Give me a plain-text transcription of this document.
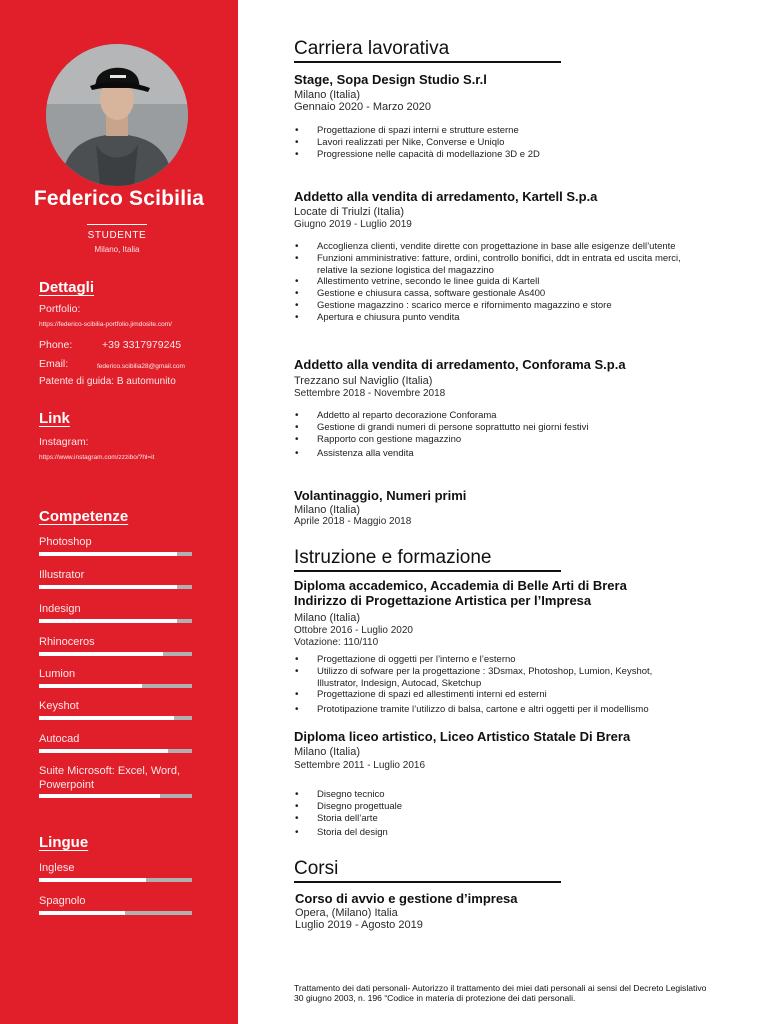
Federico Scibilia
STUDENTE
Milano, Italia
Dettagli
Portfolio:
https://federico-scibilia-portfolio.jimdosite.com/
Phone:	+39 3317979245
Email:	federico.scibilia28@gmail.com
Patente di guida: B automunito
Link
Instagram:
https://www.instagram.com/zzzibo/?hl=it
Competenze
Photoshop
Illustrator
Indesign
Rhinoceros
Lumion
Keyshot
Autocad
Suite Microsoft: Excel, Word, Powerpoint
Lingue
Inglese
Spagnolo
Carriera lavorativa
Stage, Sopa Design Studio S.r.l
Milano (Italia)
Gennaio 2020 - Marzo 2020
• Progettazione di spazi interni e strutture esterne
• Lavori realizzati per Nike, Converse e Uniqlo
• Progressione nelle capacità di modellazione 3D e 2D
Addetto alla vendita di arredamento, Kartell S.p.a
Locate di Triulzi (Italia)
Giugno 2019 - Luglio 2019
• Accoglienza clienti, vendite dirette con progettazione in base alle esigenze dell’utente
• Funzioni amministrative: fatture, ordini, controllo bonifici, ddt in entrata ed uscita merci, relative la sezione logistica del magazzino
• Allestimento vetrine, secondo le linee guida di Kartell
• Gestione e chiusura cassa, software gestionale As400
• Gestione magazzino : scarico merce e rifornimento magazzino e store
• Apertura e chiusura punto vendita
Addetto alla vendita di arredamento, Conforama S.p.a
Trezzano sul Naviglio (Italia)
Settembre 2018 - Novembre 2018
• Addetto al reparto decorazione Conforama
• Gestione di grandi numeri di persone soprattutto nei giorni festivi
• Rapporto con gestione magazzino
• Assistenza alla vendita
Volantinaggio, Numeri primi
Milano (Italia)
Aprile 2018 - Maggio 2018
Istruzione e formazione
Diploma accademico, Accademia di Belle Arti di Brera
Indirizzo di Progettazione Artistica per l’Impresa
Milano (Italia)
Ottobre 2016 - Luglio 2020
Votazione: 110/110
• Progettazione di oggetti per l’interno e l’esterno
• Utilizzo di sofware per la progettazione : 3Dsmax, Photoshop, Lumion, Keyshot, Illustrator, Indesign, Autocad, Sketchup
• Progettazione di spazi ed allestimenti interni ed esterni
• Prototipazione tramite l’utilizzo di balsa, cartone e altri oggetti per il modellismo
Diploma liceo artistico, Liceo Artistico Statale Di Brera
Milano (Italia)
Settembre 2011 - Luglio 2016
• Disegno tecnico
• Disegno progettuale
• Storia dell’arte
• Storia del design
Corsi
Corso di avvio e gestione d’impresa
Opera, (Milano) Italia
Luglio 2019 - Agosto 2019
Trattamento dei dati personali- Autorizzo il trattamento dei miei dati personali ai sensi del Decreto Legislativo 30 giugno 2003, n. 196 “Codice in materia di protezione dei dati personali.
